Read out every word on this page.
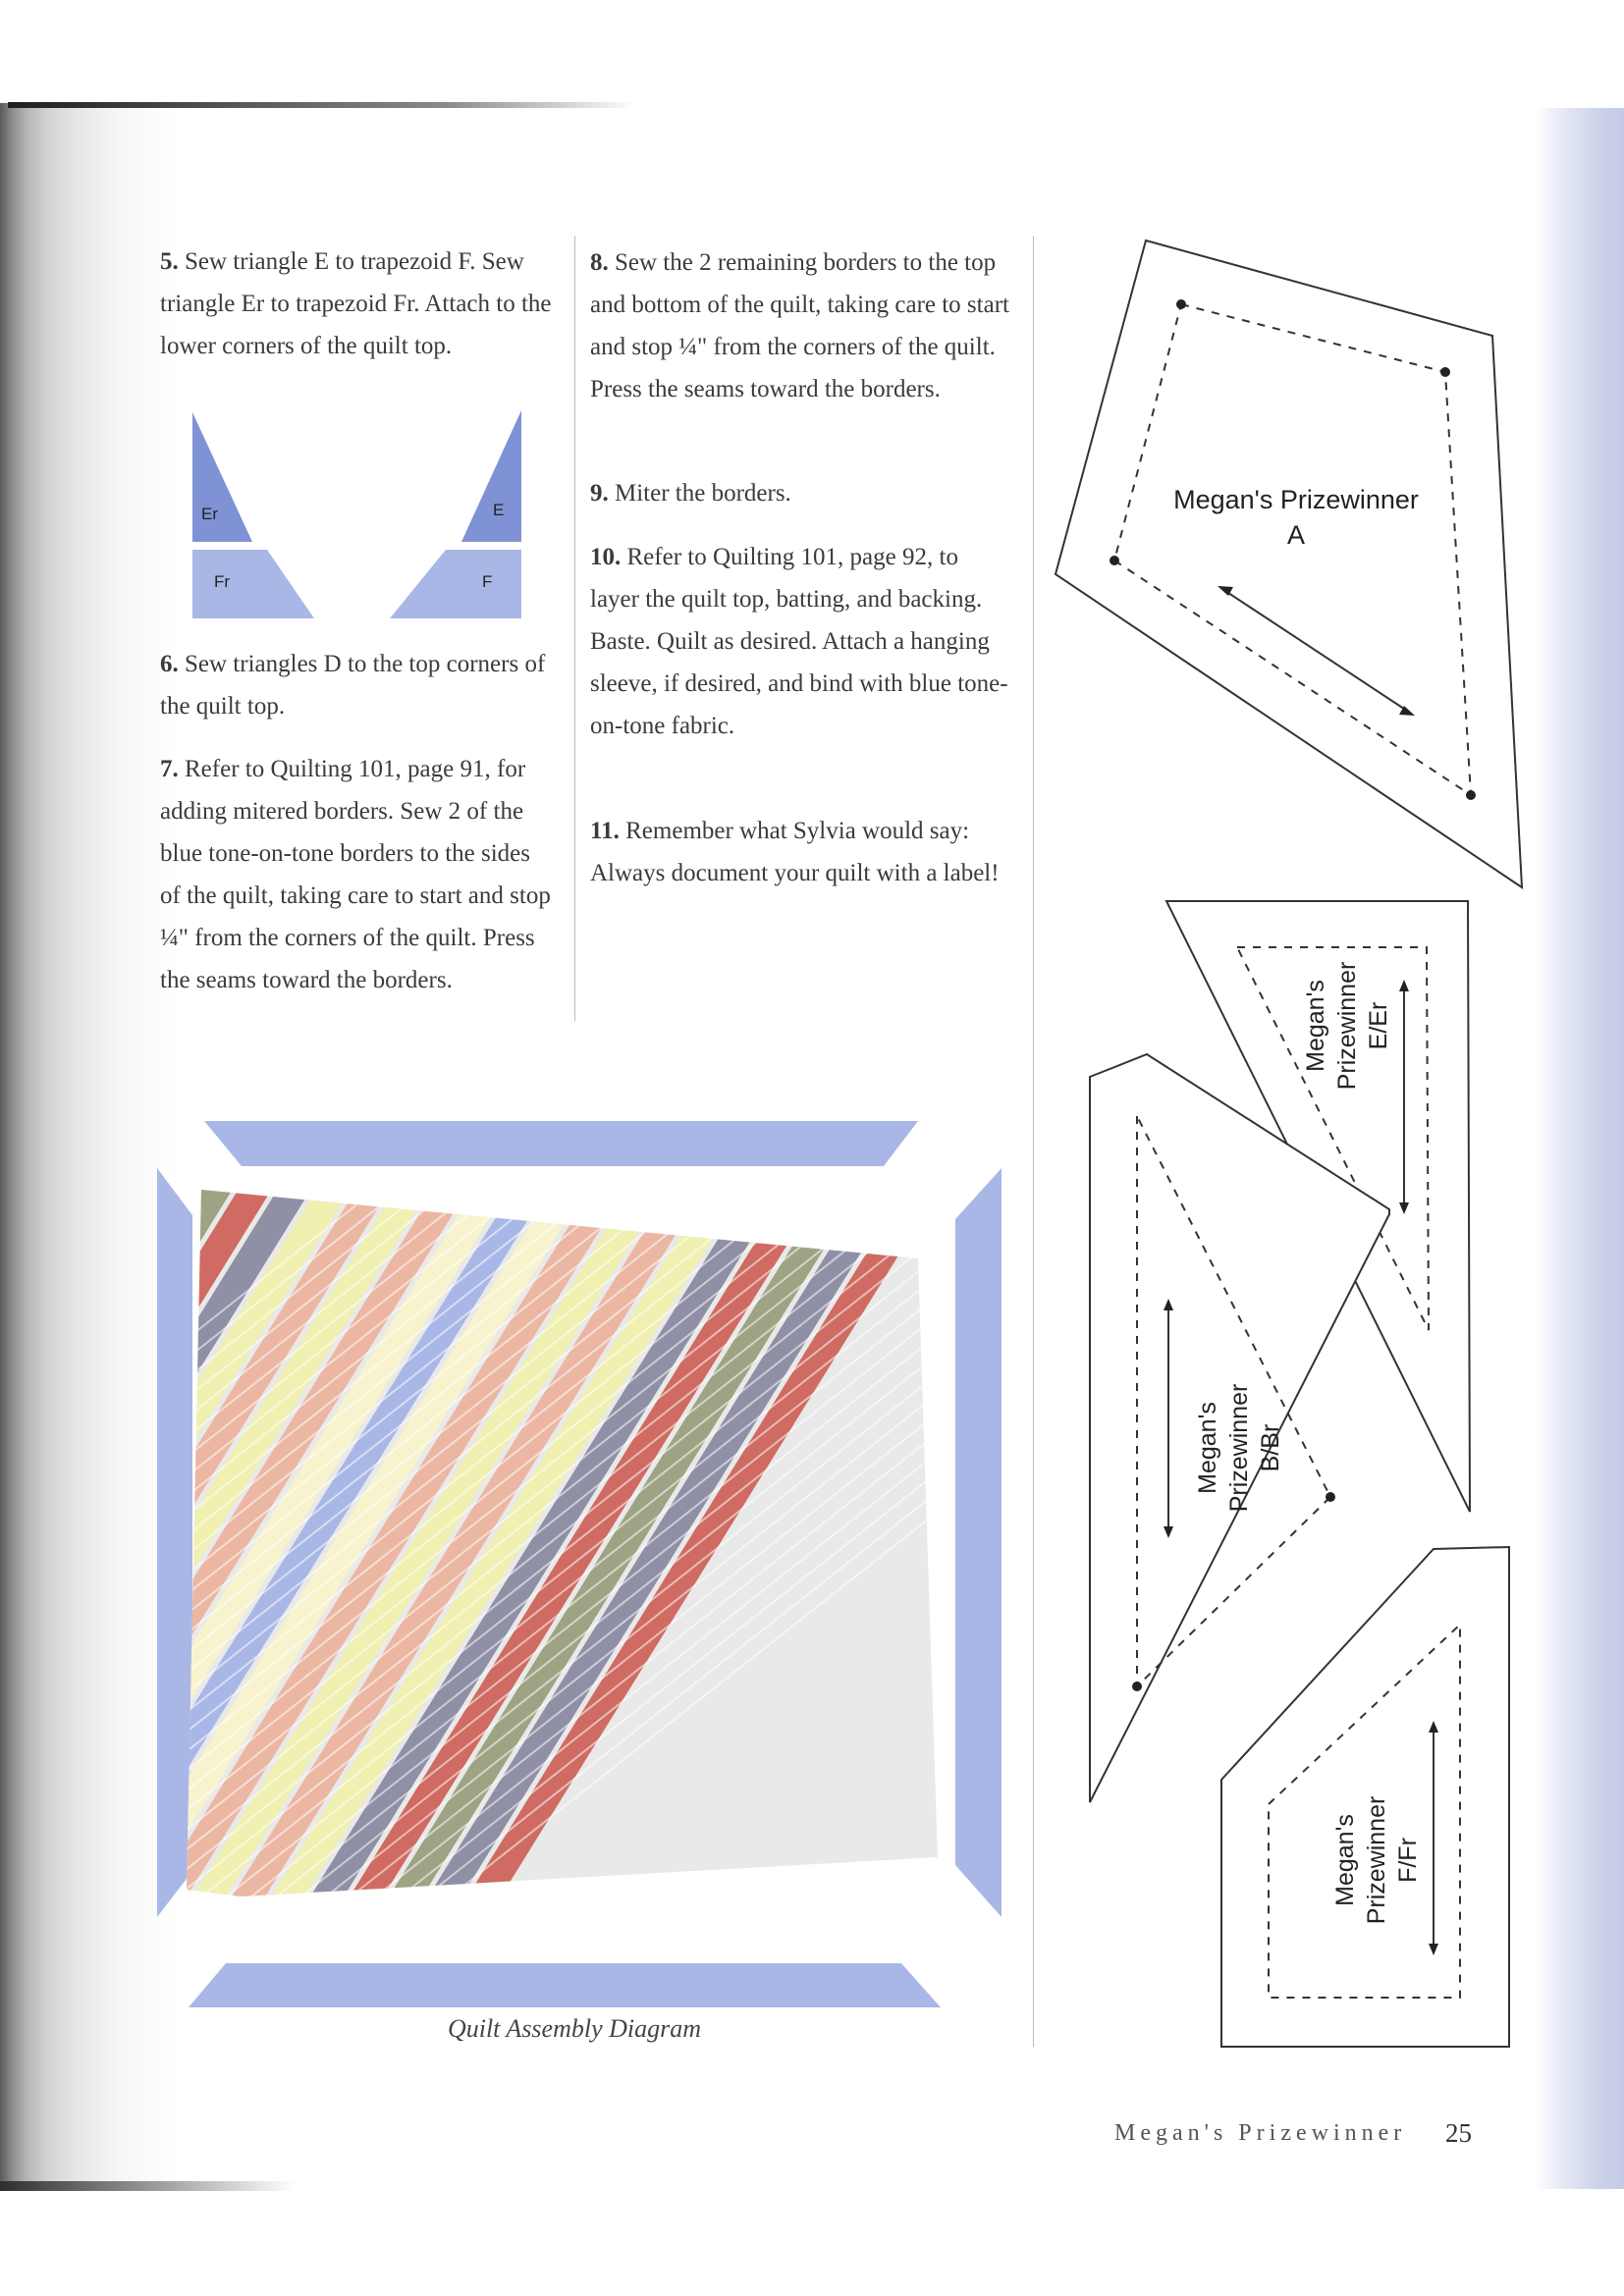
5. Sew triangle E to trapezoid F. Sew triangle Er to trapezoid Fr. Attach to the lower corners of the quilt top.

6. Sew triangles D to the top corners of the quilt top.

7. Refer to Quilting 101, page 91, for adding mitered borders. Sew 2 of the blue tone-on-tone borders to the sides of the quilt, taking care to start and stop ¼" from the corners of the quilt. Press the seams toward the borders.

8. Sew the 2 remaining borders to the top and bottom of the quilt, taking care to start and stop ¼" from the corners of the quilt. Press the seams toward the borders.

9. Miter the borders.

10. Refer to Quilting 101, page 92, to layer the quilt top, batting, and backing. Baste. Quilt as desired. Attach a hanging sleeve, if desired, and bind with blue tone-on-tone fabric.

11. Remember what Sylvia would say: Always document your quilt with a label!

Er
Fr
E
F
Quilt Assembly Diagram
Megan's Prizewinner
A
Megan's Prizewinner E/Er
Megan's Prizewinner B/Br
Megan's Prizewinner F/Fr
Megan's Prizewinner 25
